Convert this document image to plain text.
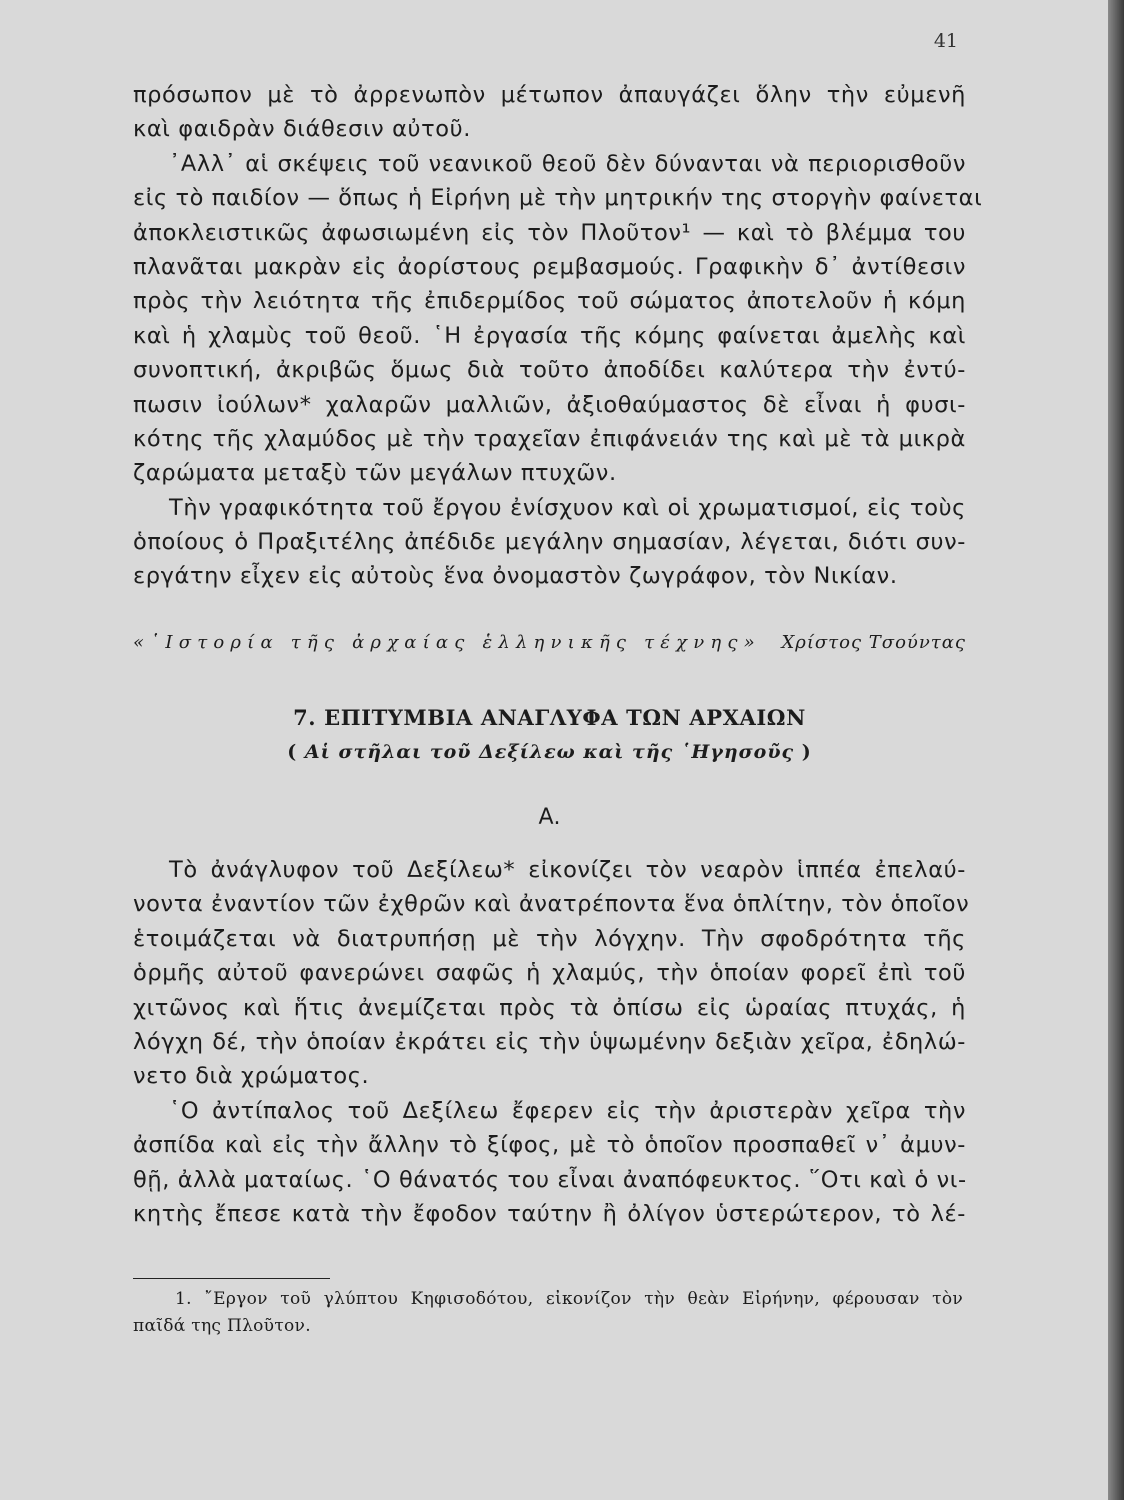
41
πρόσωπον μὲ τὸ ἀρρενωπὸν μέτωπον ἀπαυγάζει ὅλην τὴν εὐμενῆ
καὶ φαιδρὰν διάθεσιν αὐτοῦ.
᾿Αλλ᾿ αἱ σκέψεις τοῦ νεανικοῦ θεοῦ δὲν δύνανται νὰ περιορισθοῦν
εἰς τὸ παιδίον — ὅπως ἡ Εἰρήνη μὲ τὴν μητρικήν της στοργὴν φαίνεται
ἀποκλειστικῶς ἀφωσιωμένη εἰς τὸν Πλοῦτον¹ — καὶ τὸ βλέμμα του
πλανᾶται μακρὰν εἰς ἀορίστους ρεμβασμούς. Γραφικὴν δ᾿ ἀντίθεσιν
πρὸς τὴν λειότητα τῆς ἐπιδερμίδος τοῦ σώματος ἀποτελοῦν ἡ κόμη
καὶ ἡ χλαμὺς τοῦ θεοῦ. ῾Η ἐργασία τῆς κόμης φαίνεται ἀμελὴς καὶ
συνοπτική, ἀκριβῶς ὅμως διὰ τοῦτο ἀποδίδει καλύτερα τὴν ἐντύ-
πωσιν ἰούλων* χαλαρῶν μαλλιῶν, ἀξιοθαύμαστος δὲ εἶναι ἡ φυσι-
κότης τῆς χλαμύδος μὲ τὴν τραχεῖαν ἐπιφάνειάν της καὶ μὲ τὰ μικρὰ
ζαρώματα μεταξὺ τῶν μεγάλων πτυχῶν.
Τὴν γραφικότητα τοῦ ἔργου ἐνίσχυον καὶ οἱ χρωματισμοί, εἰς τοὺς
ὁποίους ὁ Πραξιτέλης ἀπέδιδε μεγάλην σημασίαν, λέγεται, διότι συν-
εργάτην εἶχεν εἰς αὐτοὺς ἕνα ὀνομαστὸν ζωγράφον, τὸν Νικίαν.
«῾Ιστορία τῆς ἀρχαίας ἑλληνικῆς τέχνης» Χρίστος Τσούντας
7. ΕΠΙΤΥΜΒΙΑ ΑΝΑΓΛΥΦΑ ΤΩΝ ΑΡΧΑΙΩΝ
( Αἱ στῆλαι τοῦ Δεξίλεω καὶ τῆς ῾Ηγησοῦς )
Α.
Τὸ ἀνάγλυφον τοῦ Δεξίλεω* εἰκονίζει τὸν νεαρὸν ἱππέα ἐπελαύ-
νοντα ἐναντίον τῶν ἐχθρῶν καὶ ἀνατρέποντα ἕνα ὁπλίτην, τὸν ὁποῖον
ἑτοιμάζεται νὰ διατρυπήσῃ μὲ τὴν λόγχην. Τὴν σφοδρότητα τῆς
ὁρμῆς αὐτοῦ φανερώνει σαφῶς ἡ χλαμύς, τὴν ὁποίαν φορεῖ ἐπὶ τοῦ
χιτῶνος καὶ ἥτις ἀνεμίζεται πρὸς τὰ ὀπίσω εἰς ὡραίας πτυχάς, ἡ
λόγχη δέ, τὴν ὁποίαν ἐκράτει εἰς τὴν ὑψωμένην δεξιὰν χεῖρα, ἐδηλώ-
νετο διὰ χρώματος.
῾Ο ἀντίπαλος τοῦ Δεξίλεω ἔφερεν εἰς τὴν ἀριστερὰν χεῖρα τὴν
ἀσπίδα καὶ εἰς τὴν ἄλλην τὸ ξίφος, μὲ τὸ ὁποῖον προσπαθεῖ ν᾿ ἀμυν-
θῇ, ἀλλὰ ματαίως. ῾Ο θάνατός του εἶναι ἀναπόφευκτος. ῞Οτι καὶ ὁ νι-
κητὴς ἔπεσε κατὰ τὴν ἔφοδον ταύτην ἢ ὀλίγον ὑστερώτερον, τὸ λέ-
1. ῎Εργον τοῦ γλύπτου Κηφισοδότου, εἰκονίζον τὴν θεὰν Εἰρήνην, φέρουσαν τὸν
παῖδά της Πλοῦτον.
